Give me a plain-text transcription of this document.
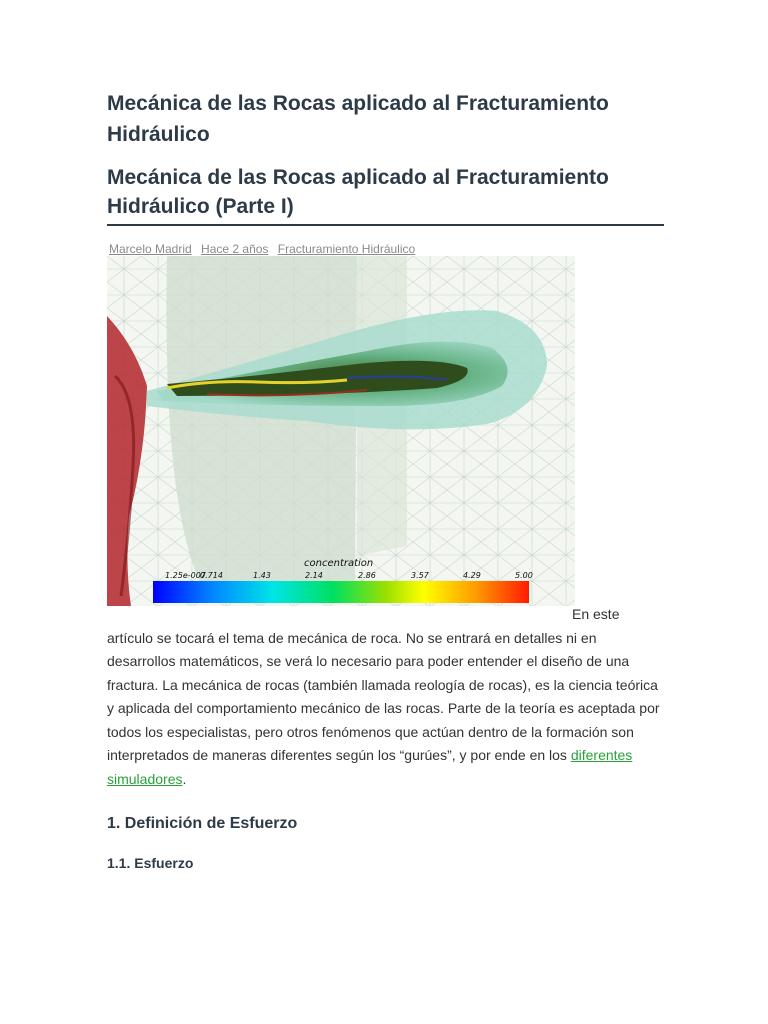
Mecánica de las Rocas aplicado al Fracturamiento Hidráulico
Mecánica de las Rocas aplicado al Fracturamiento Hidráulico (Parte I)
Marcelo Madrid Hace 2 años Fracturamiento Hidráulico
concentration
1.25e-007
0.714	1.43	2.14	2.86	3.57	4.29	5.00

En este artículo se tocará el tema de mecánica de roca. No se entrará en detalles ni en desarrollos matemáticos, se verá lo necesario para poder entender el diseño de una fractura. La mecánica de rocas (también llamada reología de rocas), es la ciencia teórica y aplicada del comportamiento mecánico de las rocas. Parte de la teoría es aceptada por todos los especialistas, pero otros fenómenos que actúan dentro de la formación son interpretados de maneras diferentes según los “gurúes”, y por ende en los diferentes simuladores.

1. Definición de Esfuerzo
1.1. Esfuerzo
